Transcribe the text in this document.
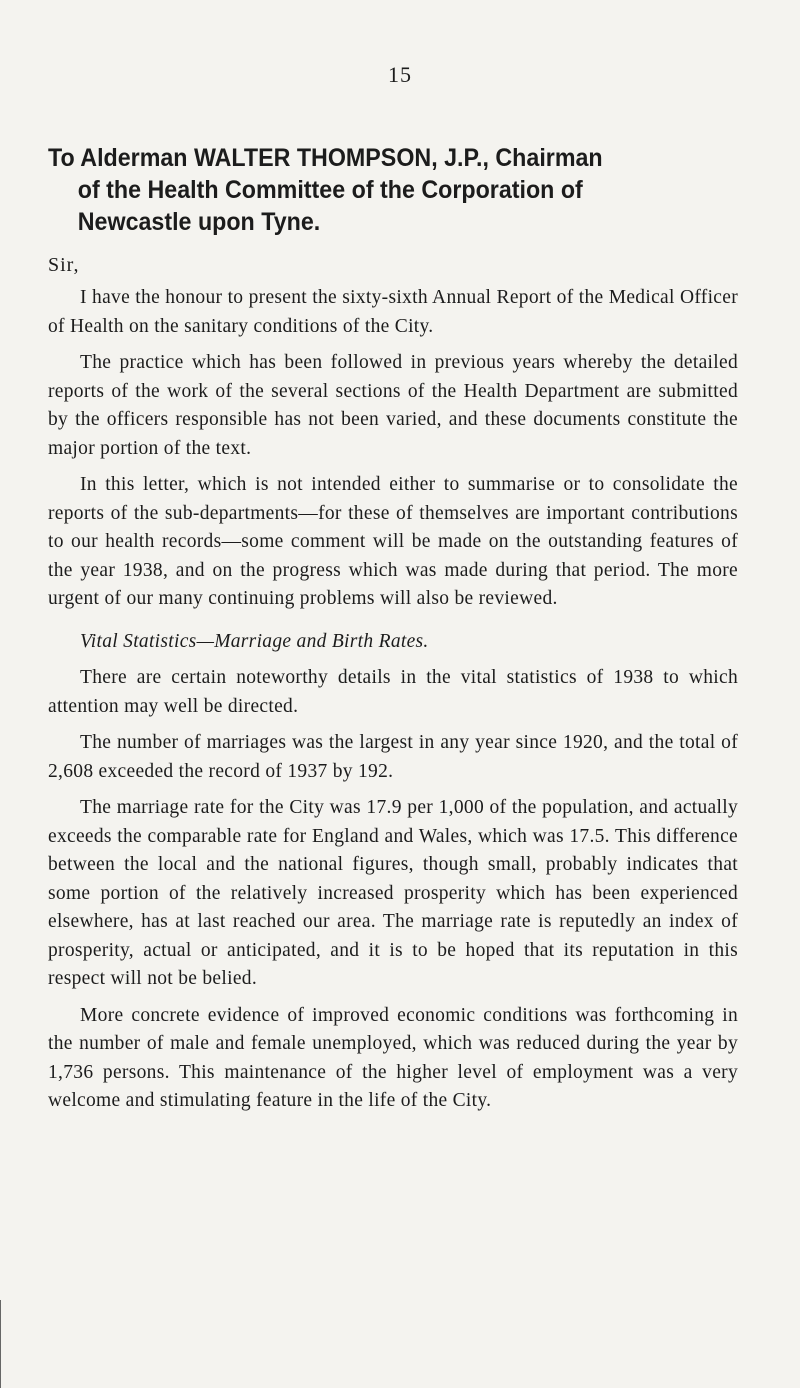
15
To Alderman WALTER THOMPSON, J.P., Chairman
of the Health Committee of the Corporation of
Newcastle upon Tyne.
Sir,

I have the honour to present the sixty-sixth Annual Report of the Medical Officer of Health on the sanitary conditions of the City.

The practice which has been followed in previous years whereby the detailed reports of the work of the several sections of the Health Department are submitted by the officers responsible has not been varied, and these documents constitute the major portion of the text.

In this letter, which is not intended either to summarise or to consolidate the reports of the sub-departments—for these of themselves are important contributions to our health records—some comment will be made on the outstanding features of the year 1938, and on the progress which was made during that period. The more urgent of our many continuing problems will also be reviewed.

Vital Statistics—Marriage and Birth Rates.

There are certain noteworthy details in the vital statistics of 1938 to which attention may well be directed.

The number of marriages was the largest in any year since 1920, and the total of 2,608 exceeded the record of 1937 by 192.

The marriage rate for the City was 17.9 per 1,000 of the population, and actually exceeds the comparable rate for England and Wales, which was 17.5. This difference between the local and the national figures, though small, probably indicates that some portion of the relatively increased prosperity which has been experienced elsewhere, has at last reached our area. The marriage rate is reputedly an index of prosperity, actual or anticipated, and it is to be hoped that its reputation in this respect will not be belied.

More concrete evidence of improved economic conditions was forthcoming in the number of male and female unemployed, which was reduced during the year by 1,736 persons. This maintenance of the higher level of employment was a very welcome and stimulating feature in the life of the City.
